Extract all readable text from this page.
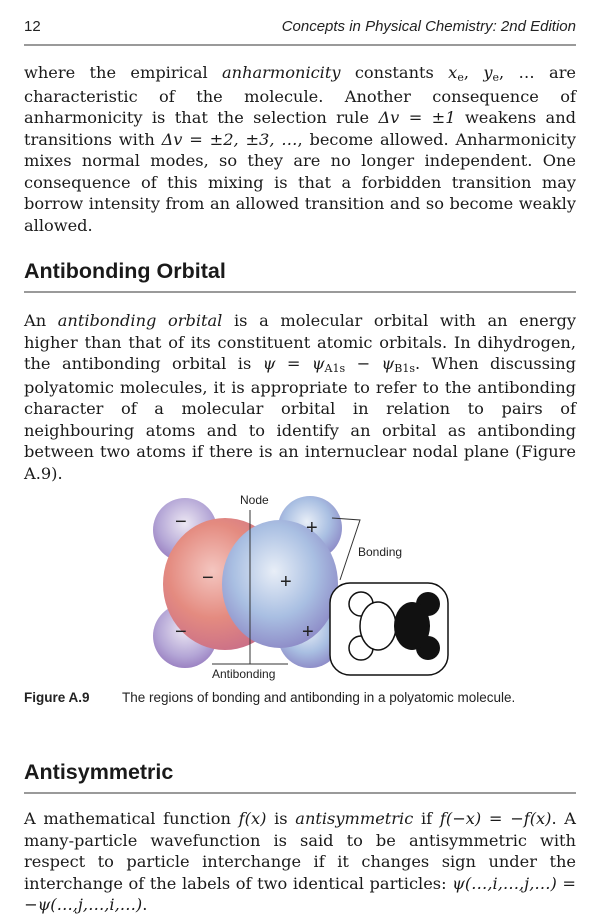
12	Concepts in Physical Chemistry: 2nd Edition

where the empirical anharmonicity constants xe, ye, … are characteristic of the molecule. Another consequence of anharmonicity is that the selection rule Δv = ±1 weakens and transitions with Δv = ±2, ±3, …, become allowed. Anharmonicity mixes normal modes, so they are no longer independent. One consequence of this mixing is that a forbidden transition may borrow intensity from an allowed transition and so become weakly allowed.

Antibonding Orbital

An antibonding orbital is a molecular orbital with an energy higher than that of its constituent atomic orbitals. In dihydrogen, the antibonding orbital is ψ = ψA1s − ψB1s. When discussing polyatomic molecules, it is appropriate to refer to the antibonding character of a molecular orbital in relation to pairs of neighbouring atoms and to identify an orbital as antibonding between two atoms if there is an internuclear nodal plane (Figure A.9).

Node
−
−
−
+
+
+
Bonding
Antibonding
Figure A.9 The regions of bonding and antibonding in a polyatomic molecule.
Antisymmetric

A mathematical function f(x) is antisymmetric if f(−x) = −f(x). A many-particle wavefunction is said to be antisymmetric with respect to particle interchange if it changes sign under the interchange of the labels of two identical particles: ψ(…,i,…,j,…) = −ψ(…,j,…,i,…).
